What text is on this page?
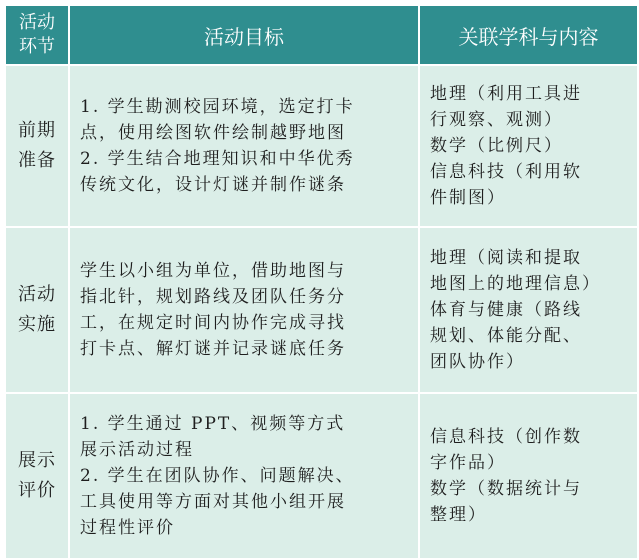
活动
环节	活动目标	关联学科与内容

前期
准备	1. 学生勘测校园环境，选定打卡
点，使用绘图软件绘制越野地图
2. 学生结合地理知识和中华优秀
传统文化，设计灯谜并制作谜条	地理（利用工具进
行观察、观测）
数学（比例尺）
信息科技（利用软
件制图）

活动
实施	学生以小组为单位，借助地图与
指北针，规划路线及团队任务分
工，在规定时间内协作完成寻找
打卡点、解灯谜并记录谜底任务	地理（阅读和提取
地图上的地理信息）
体育与健康（路线
规划、体能分配、
团队协作）

展示
评价	1. 学生通过 PPT、视频等方式
展示活动过程
2. 学生在团队协作、问题解决、
工具使用等方面对其他小组开展
过程性评价	信息科技（创作数
字作品）
数学（数据统计与
整理）
